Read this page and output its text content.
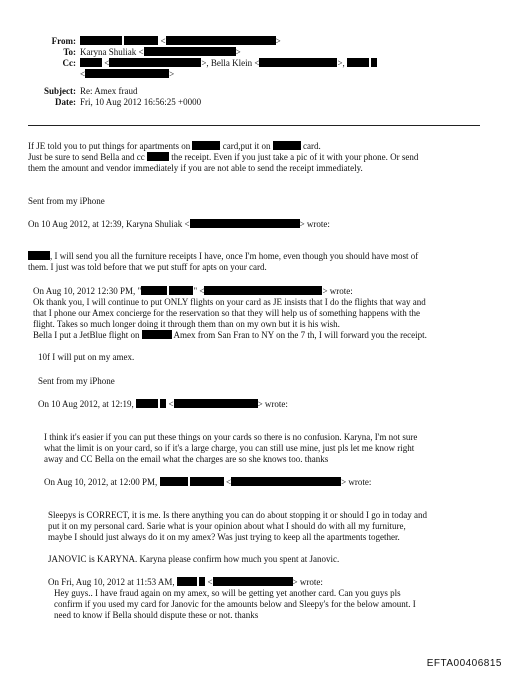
From:	<	>
To: Karyna Shuliak <	>
Cc:	<	>, Bella Klein <	>,
<	>
Subject: Re: Amex fraud
Date: Fri, 10 Aug 2012 16:56:25 +0000
If JE told you to put things for apartments on	card,put it on	card.
Just be sure to send Bella and cc	the receipt. Even if you just take a pic of it with your phone. Or send
them the amount and vendor immediately if you are not able to send the receipt immediately.
Sent from my iPhone
On 10 Aug 2012, at 12:39, Karyna Shuliak <	> wrote:
, I will send you all the furniture receipts I have, once I'm home, even though you should have most of
them. I just was told before that we put stuff for apts on your card.
On Aug 10, 2012 12:30 PM, "	" <	> wrote:
Ok thank you, I will continue to put ONLY flights on your card as JE insists that I do the flights that way and
that I phone our Amex concierge for the reservation so that they will help us of something happens with the
flight. Takes so much longer doing it through them than on my own but it is his wish.
Bella I put a JetBlue flight on	Amex from San Fran to NY on the 7 th, I will forward you the receipt.
10f I will put on my amex.
Sent from my iPhone
On 10 Aug 2012, at 12:19,	<	> wrote:
I think it's easier if you can put these things on your cards so there is no confusion. Karyna, I'm not sure
what the limit is on your card, so if it's a large charge, you can still use mine, just pls let me know right
away and CC Bella on the email what the charges are so she knows too. thanks
On Aug 10, 2012, at 12:00 PM,	<	> wrote:
Sleepys is CORRECT, it is me. Is there anything you can do about stopping it or should I go in today and
put it on my personal card. Sarie what is your opinion about what I should do with all my furniture,
maybe I should just always do it on my amex? Was just trying to keep all the apartments together.
JANOVIC is KARYNA. Karyna please confirm how much you spent at Janovic.
On Fri, Aug 10, 2012 at 11:53 AM,	<	> wrote:
Hey guys.. I have fraud again on my amex, so will be getting yet another card. Can you guys pls
confirm if you used my card for Janovic for the amounts below and Sleepy's for the below amount. I
need to know if Bella should dispute these or not. thanks
EFTA00406815
